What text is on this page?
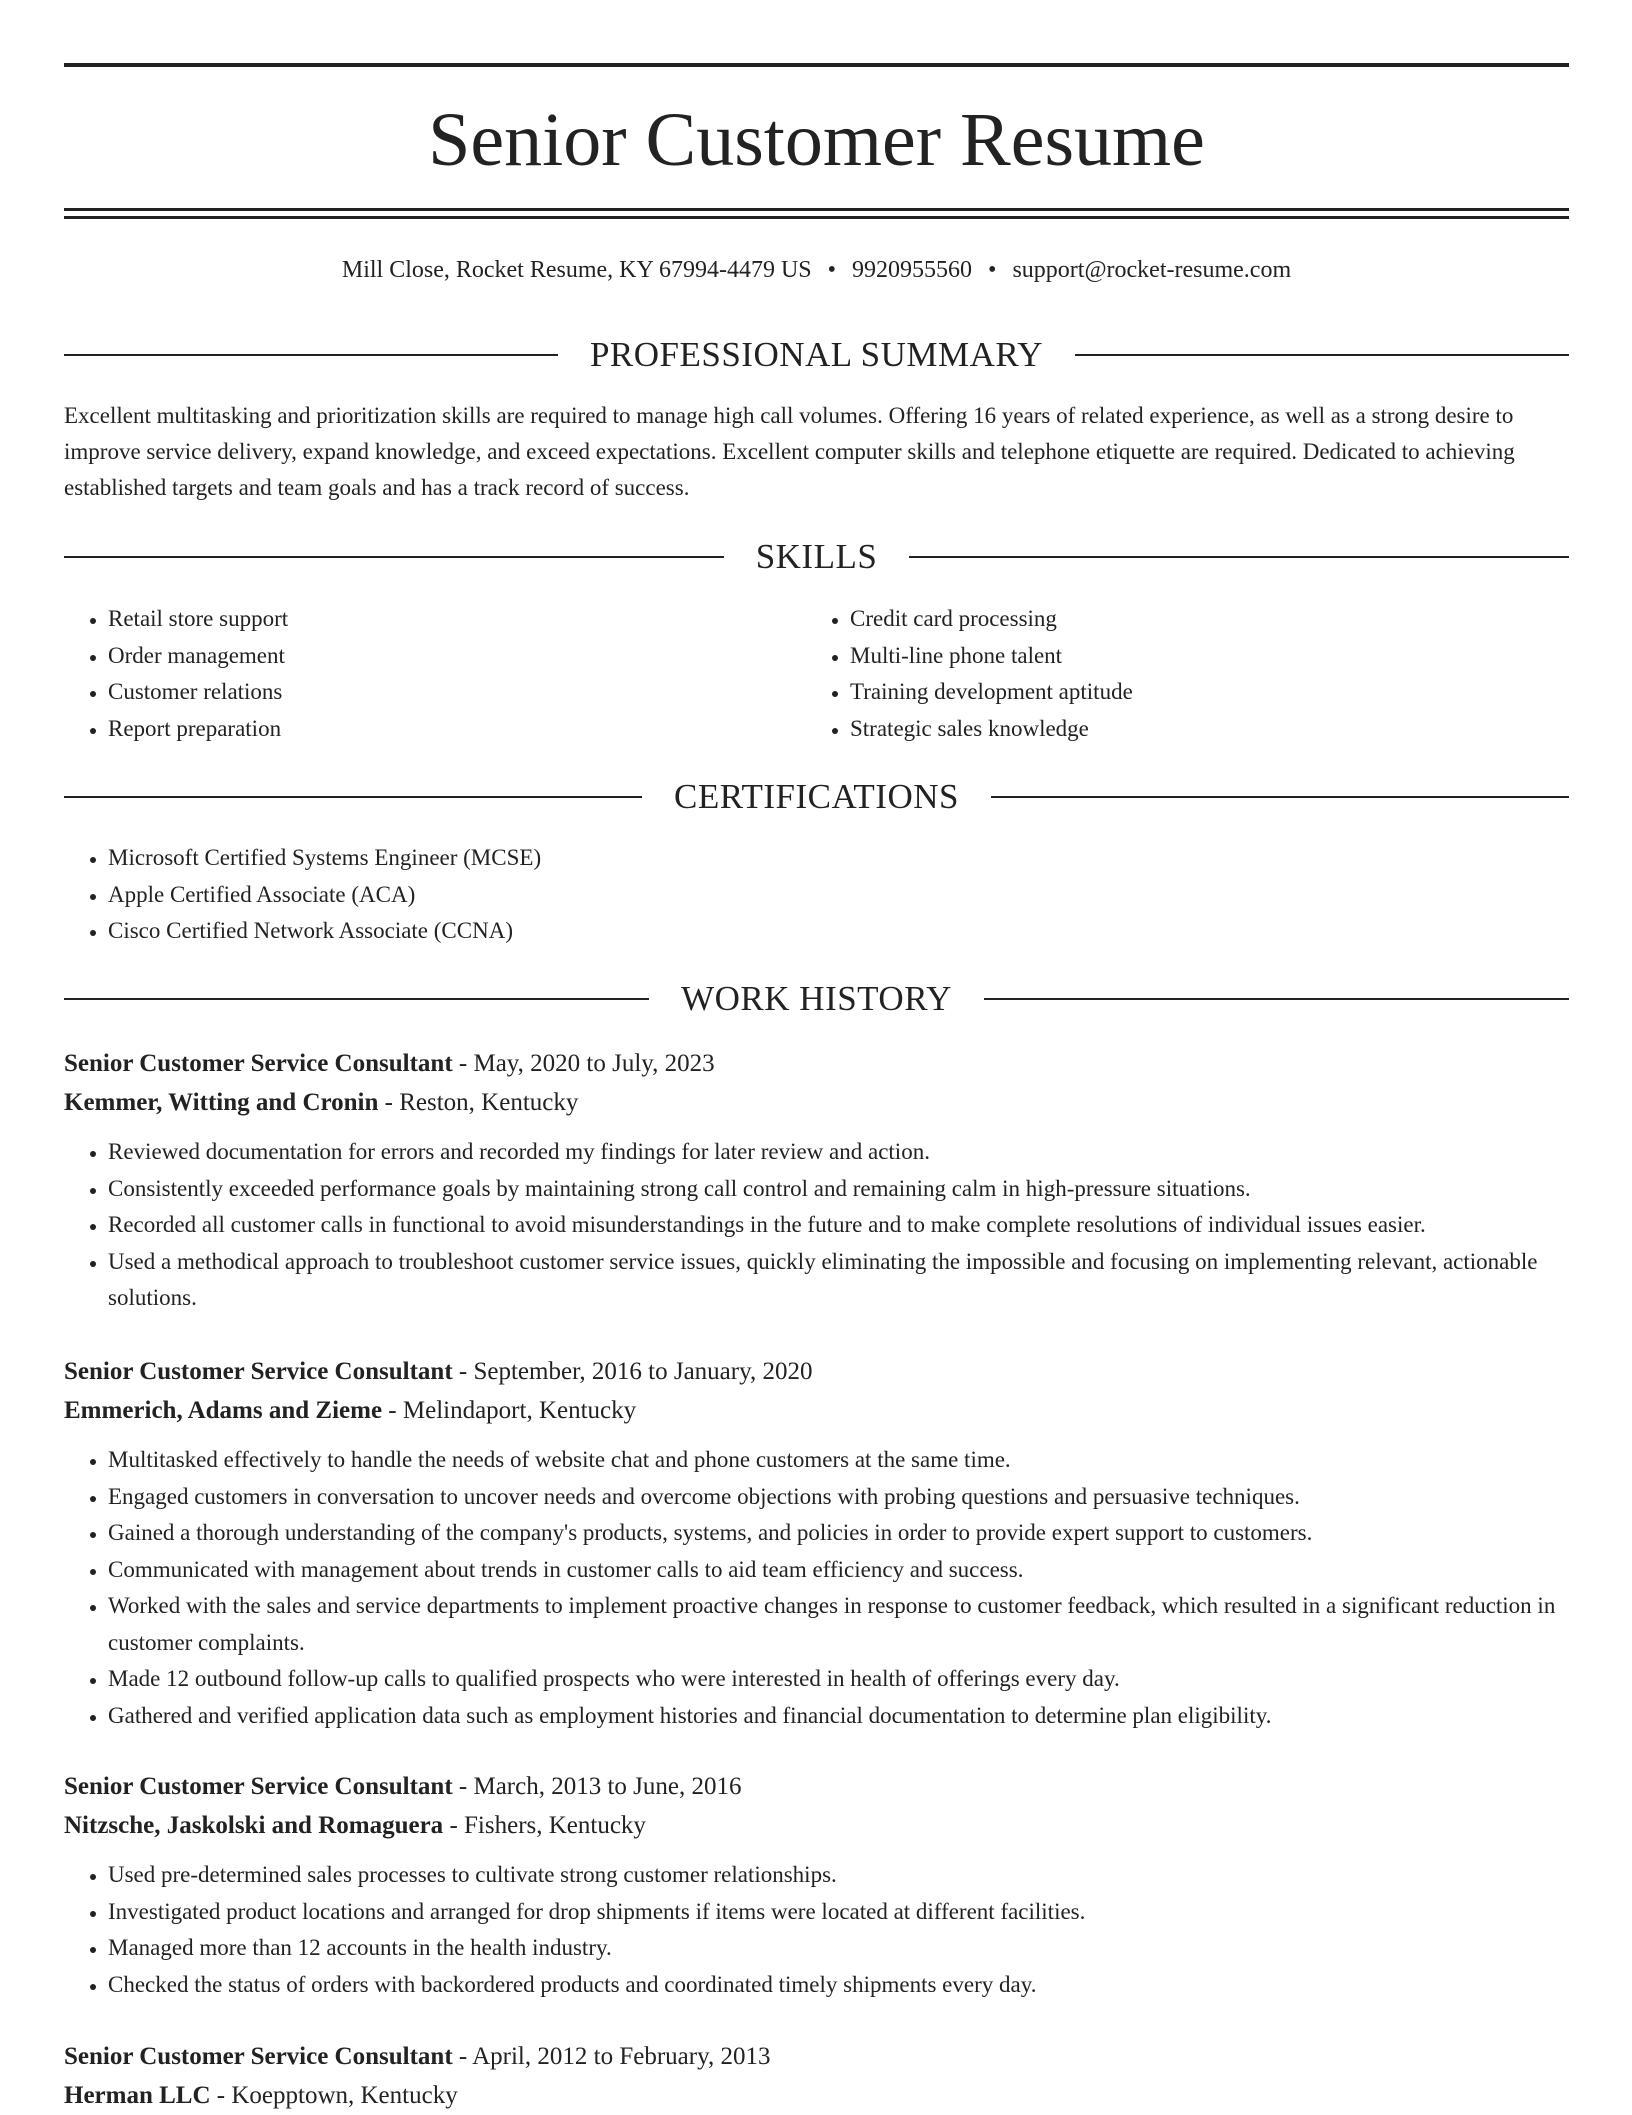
Senior Customer Resume
Mill Close, Rocket Resume, KY 67994-4479 US • 9920955560 • support@rocket-resume.com
PROFESSIONAL SUMMARY

Excellent multitasking and prioritization skills are required to manage high call volumes. Offering 16 years of related experience, as well as a strong desire to improve service delivery, expand knowledge, and exceed expectations. Excellent computer skills and telephone etiquette are required. Dedicated to achieving established targets and team goals and has a track record of success.

SKILLS
• Retail store support
• Order management
• Customer relations
• Report preparation
• Credit card processing
• Multi-line phone talent
• Training development aptitude
• Strategic sales knowledge
CERTIFICATIONS
• Microsoft Certified Systems Engineer (MCSE)
• Apple Certified Associate (ACA)
• Cisco Certified Network Associate (CCNA)
WORK HISTORY
Senior Customer Service Consultant - May, 2020 to July, 2023
Kemmer, Witting and Cronin - Reston, Kentucky
• Reviewed documentation for errors and recorded my findings for later review and action.
• Consistently exceeded performance goals by maintaining strong call control and remaining calm in high-pressure situations.
• Recorded all customer calls in functional to avoid misunderstandings in the future and to make complete resolutions of individual issues easier.
• Used a methodical approach to troubleshoot customer service issues, quickly eliminating the impossible and focusing on implementing relevant, actionable solutions.
Senior Customer Service Consultant - September, 2016 to January, 2020
Emmerich, Adams and Zieme - Melindaport, Kentucky
• Multitasked effectively to handle the needs of website chat and phone customers at the same time.
• Engaged customers in conversation to uncover needs and overcome objections with probing questions and persuasive techniques.
• Gained a thorough understanding of the company's products, systems, and policies in order to provide expert support to customers.
• Communicated with management about trends in customer calls to aid team efficiency and success.
• Worked with the sales and service departments to implement proactive changes in response to customer feedback, which resulted in a significant reduction in customer complaints.
• Made 12 outbound follow-up calls to qualified prospects who were interested in health of offerings every day.
• Gathered and verified application data such as employment histories and financial documentation to determine plan eligibility.
Senior Customer Service Consultant - March, 2013 to June, 2016
Nitzsche, Jaskolski and Romaguera - Fishers, Kentucky
• Used pre-determined sales processes to cultivate strong customer relationships.
• Investigated product locations and arranged for drop shipments if items were located at different facilities.
• Managed more than 12 accounts in the health industry.
• Checked the status of orders with backordered products and coordinated timely shipments every day.
Senior Customer Service Consultant - April, 2012 to February, 2013
Herman LLC - Koepptown, Kentucky
